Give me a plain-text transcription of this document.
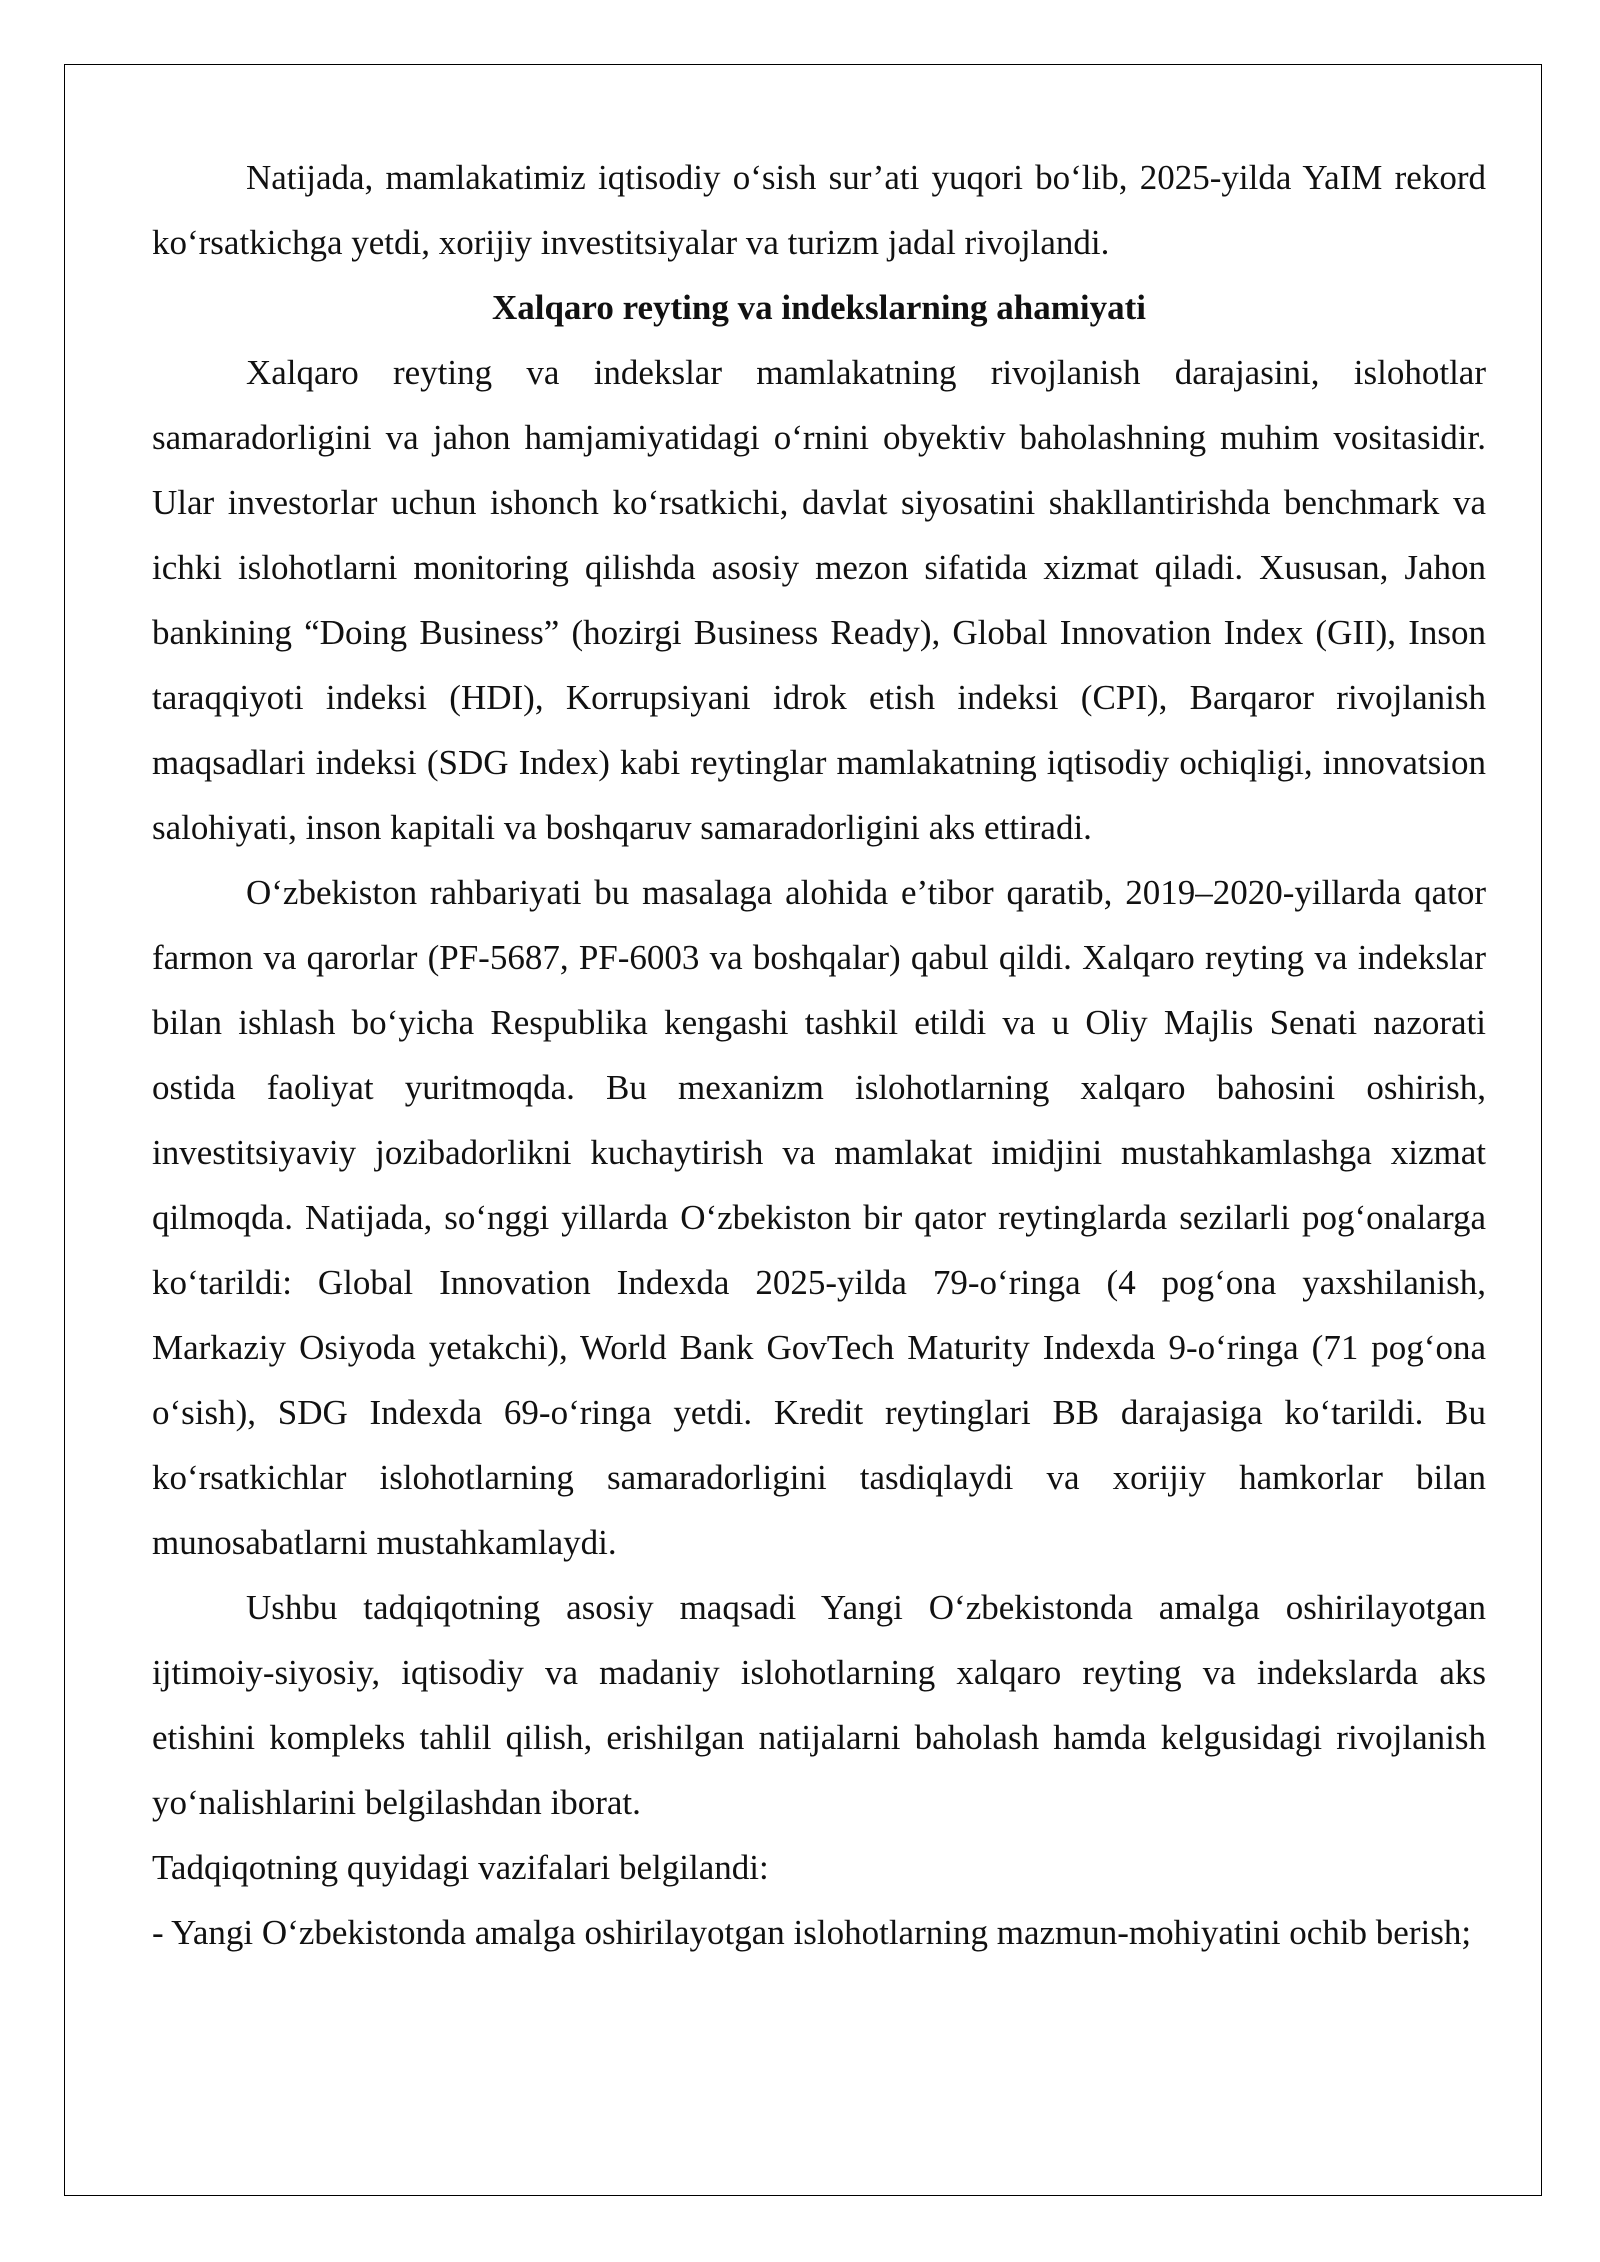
Natijada, mamlakatimiz iqtisodiy o‘sish sur’ati yuqori bo‘lib, 2025-yilda YaIM rekord ko‘rsatkichga yetdi, xorijiy investitsiyalar va turizm jadal rivojlandi.

Xalqaro reyting va indekslarning ahamiyati

Xalqaro reyting va indekslar mamlakatning rivojlanish darajasini, islohotlar samaradorligini va jahon hamjamiyatidagi o‘rnini obyektiv baholashning muhim vositasidir. Ular investorlar uchun ishonch ko‘rsatkichi, davlat siyosatini shakllantirishda benchmark va ichki islohotlarni monitoring qilishda asosiy mezon sifatida xizmat qiladi. Xususan, Jahon bankining “Doing Business” (hozirgi Business Ready), Global Innovation Index (GII), Inson taraqqiyoti indeksi (HDI), Korrupsiyani idrok etish indeksi (CPI), Barqaror rivojlanish maqsadlari indeksi (SDG Index) kabi reytinglar mamlakatning iqtisodiy ochiqligi, innovatsion salohiyati, inson kapitali va boshqaruv samaradorligini aks ettiradi.

O‘zbekiston rahbariyati bu masalaga alohida e’tibor qaratib, 2019–2020-yillarda qator farmon va qarorlar (PF-5687, PF-6003 va boshqalar) qabul qildi. Xalqaro reyting va indekslar bilan ishlash bo‘yicha Respublika kengashi tashkil etildi va u Oliy Majlis Senati nazorati ostida faoliyat yuritmoqda. Bu mexanizm islohotlarning xalqaro bahosini oshirish, investitsiyaviy jozibadorlikni kuchaytirish va mamlakat imidjini mustahkamlashga xizmat qilmoqda. Natijada, so‘nggi yillarda O‘zbekiston bir qator reytinglarda sezilarli pog‘onalarga ko‘tarildi: Global Innovation Indexda 2025-yilda 79-o‘ringa (4 pog‘ona yaxshilanish, Markaziy Osiyoda yetakchi), World Bank GovTech Maturity Indexda 9-o‘ringa (71 pog‘ona o‘sish), SDG Indexda 69-o‘ringa yetdi. Kredit reytinglari BB darajasiga ko‘tarildi. Bu ko‘rsatkichlar islohotlarning samaradorligini tasdiqlaydi va xorijiy hamkorlar bilan munosabatlarni mustahkamlaydi.

Ushbu tadqiqotning asosiy maqsadi Yangi O‘zbekistonda amalga oshirilayotgan ijtimoiy-siyosiy, iqtisodiy va madaniy islohotlarning xalqaro reyting va indekslarda aks etishini kompleks tahlil qilish, erishilgan natijalarni baholash hamda kelgusidagi rivojlanish yo‘nalishlarini belgilashdan iborat.

Tadqiqotning quyidagi vazifalari belgilandi:

- Yangi O‘zbekistonda amalga oshirilayotgan islohotlarning mazmun-mohiyatini ochib berish;
